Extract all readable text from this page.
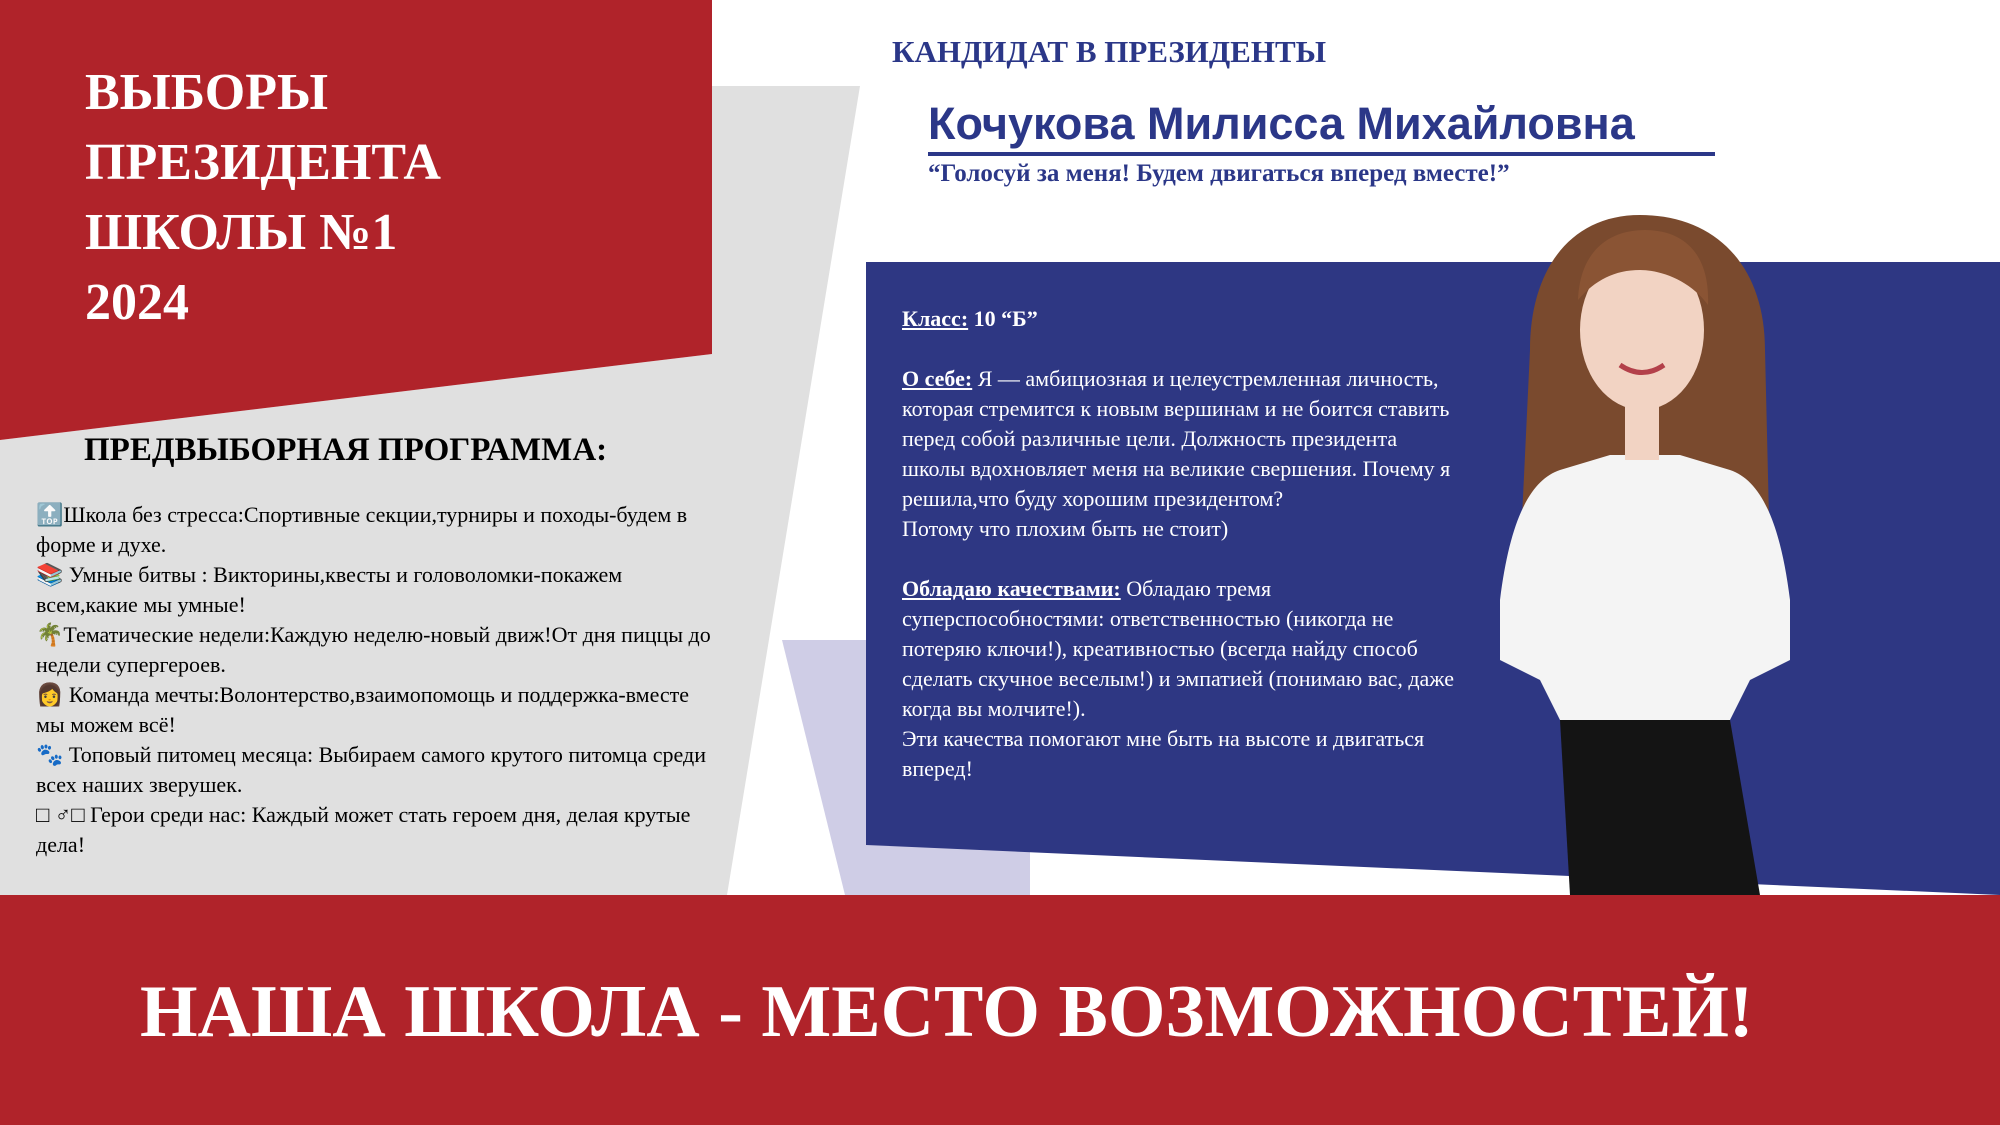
ВЫБОРЫ
ПРЕЗИДЕНТА
ШКОЛЫ №1
2024
ПРЕДВЫБОРНАЯ ПРОГРАММА:

🔝Школа без стресса:Спортивные секции,турниры и походы-будем в форме и духе.

📚 Умные битвы : Викторины,квесты и головоломки-покажем всем,какие мы умные!

🌴Тематические недели:Каждую неделю-новый движ!От дня пиццы до недели супергероев.

👩 Команда мечты:Волонтерство,взаимопомощь и поддержка-вместе мы можем всё!

🐾 Топовый питомец месяца: Выбираем самого крутого питомца среди всех наших зверушек.

□ ♂□ Герои среди нас: Каждый может стать героем дня, делая крутые дела!

КАНДИДАТ В ПРЕЗИДЕНТЫ
Кочукова Милисса Михайловна
“Голосуй за меня! Будем двигаться вперед вместе!”

Класс: 10 “Б”

О себе: Я — амбициозная и целеустремленная личность, которая стремится к новым вершинам и не боится ставить перед собой различные цели. Должность президента школы вдохновляет меня на великие свершения. Почему я решила,что буду хорошим президентом?

Потому что плохим быть не стоит)

Обладаю качествами: Обладаю тремя суперспособностями: ответственностью (никогда не потеряю ключи!), креативностью (всегда найду способ сделать скучное веселым!) и эмпатией (понимаю вас, даже когда вы молчите!).

Эти качества помогают мне быть на высоте и двигаться вперед!

НАША ШКОЛА - МЕСТО ВОЗМОЖНОСТЕЙ!
